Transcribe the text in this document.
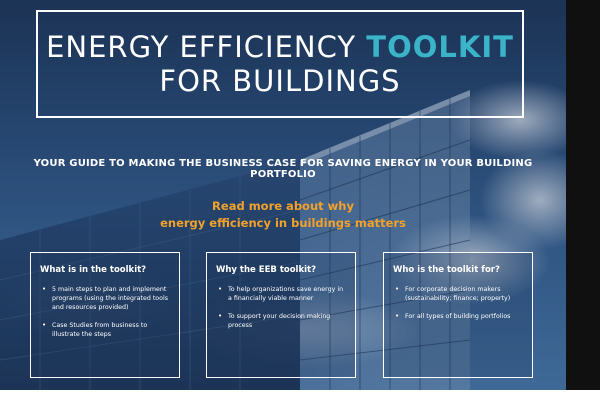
ENERGY EFFICIENCY TOOLKIT
FOR BUILDINGS
YOUR GUIDE TO MAKING THE BUSINESS CASE FOR SAVING ENERGY IN YOUR BUILDING PORTFOLIO
Read more about why
energy efficiency in buildings matters
What is in the toolkit?
• 5 main steps to plan and implement programs (using the integrated tools and resources provided)
• Case Studies from business to illustrate the steps
Why the EEB toolkit?
• To help organizations save energy in a financially viable manner
• To support your decision making process
Who is the toolkit for?
• For corporate decision makers (sustainability; finance; property)
• For all types of building portfolios
